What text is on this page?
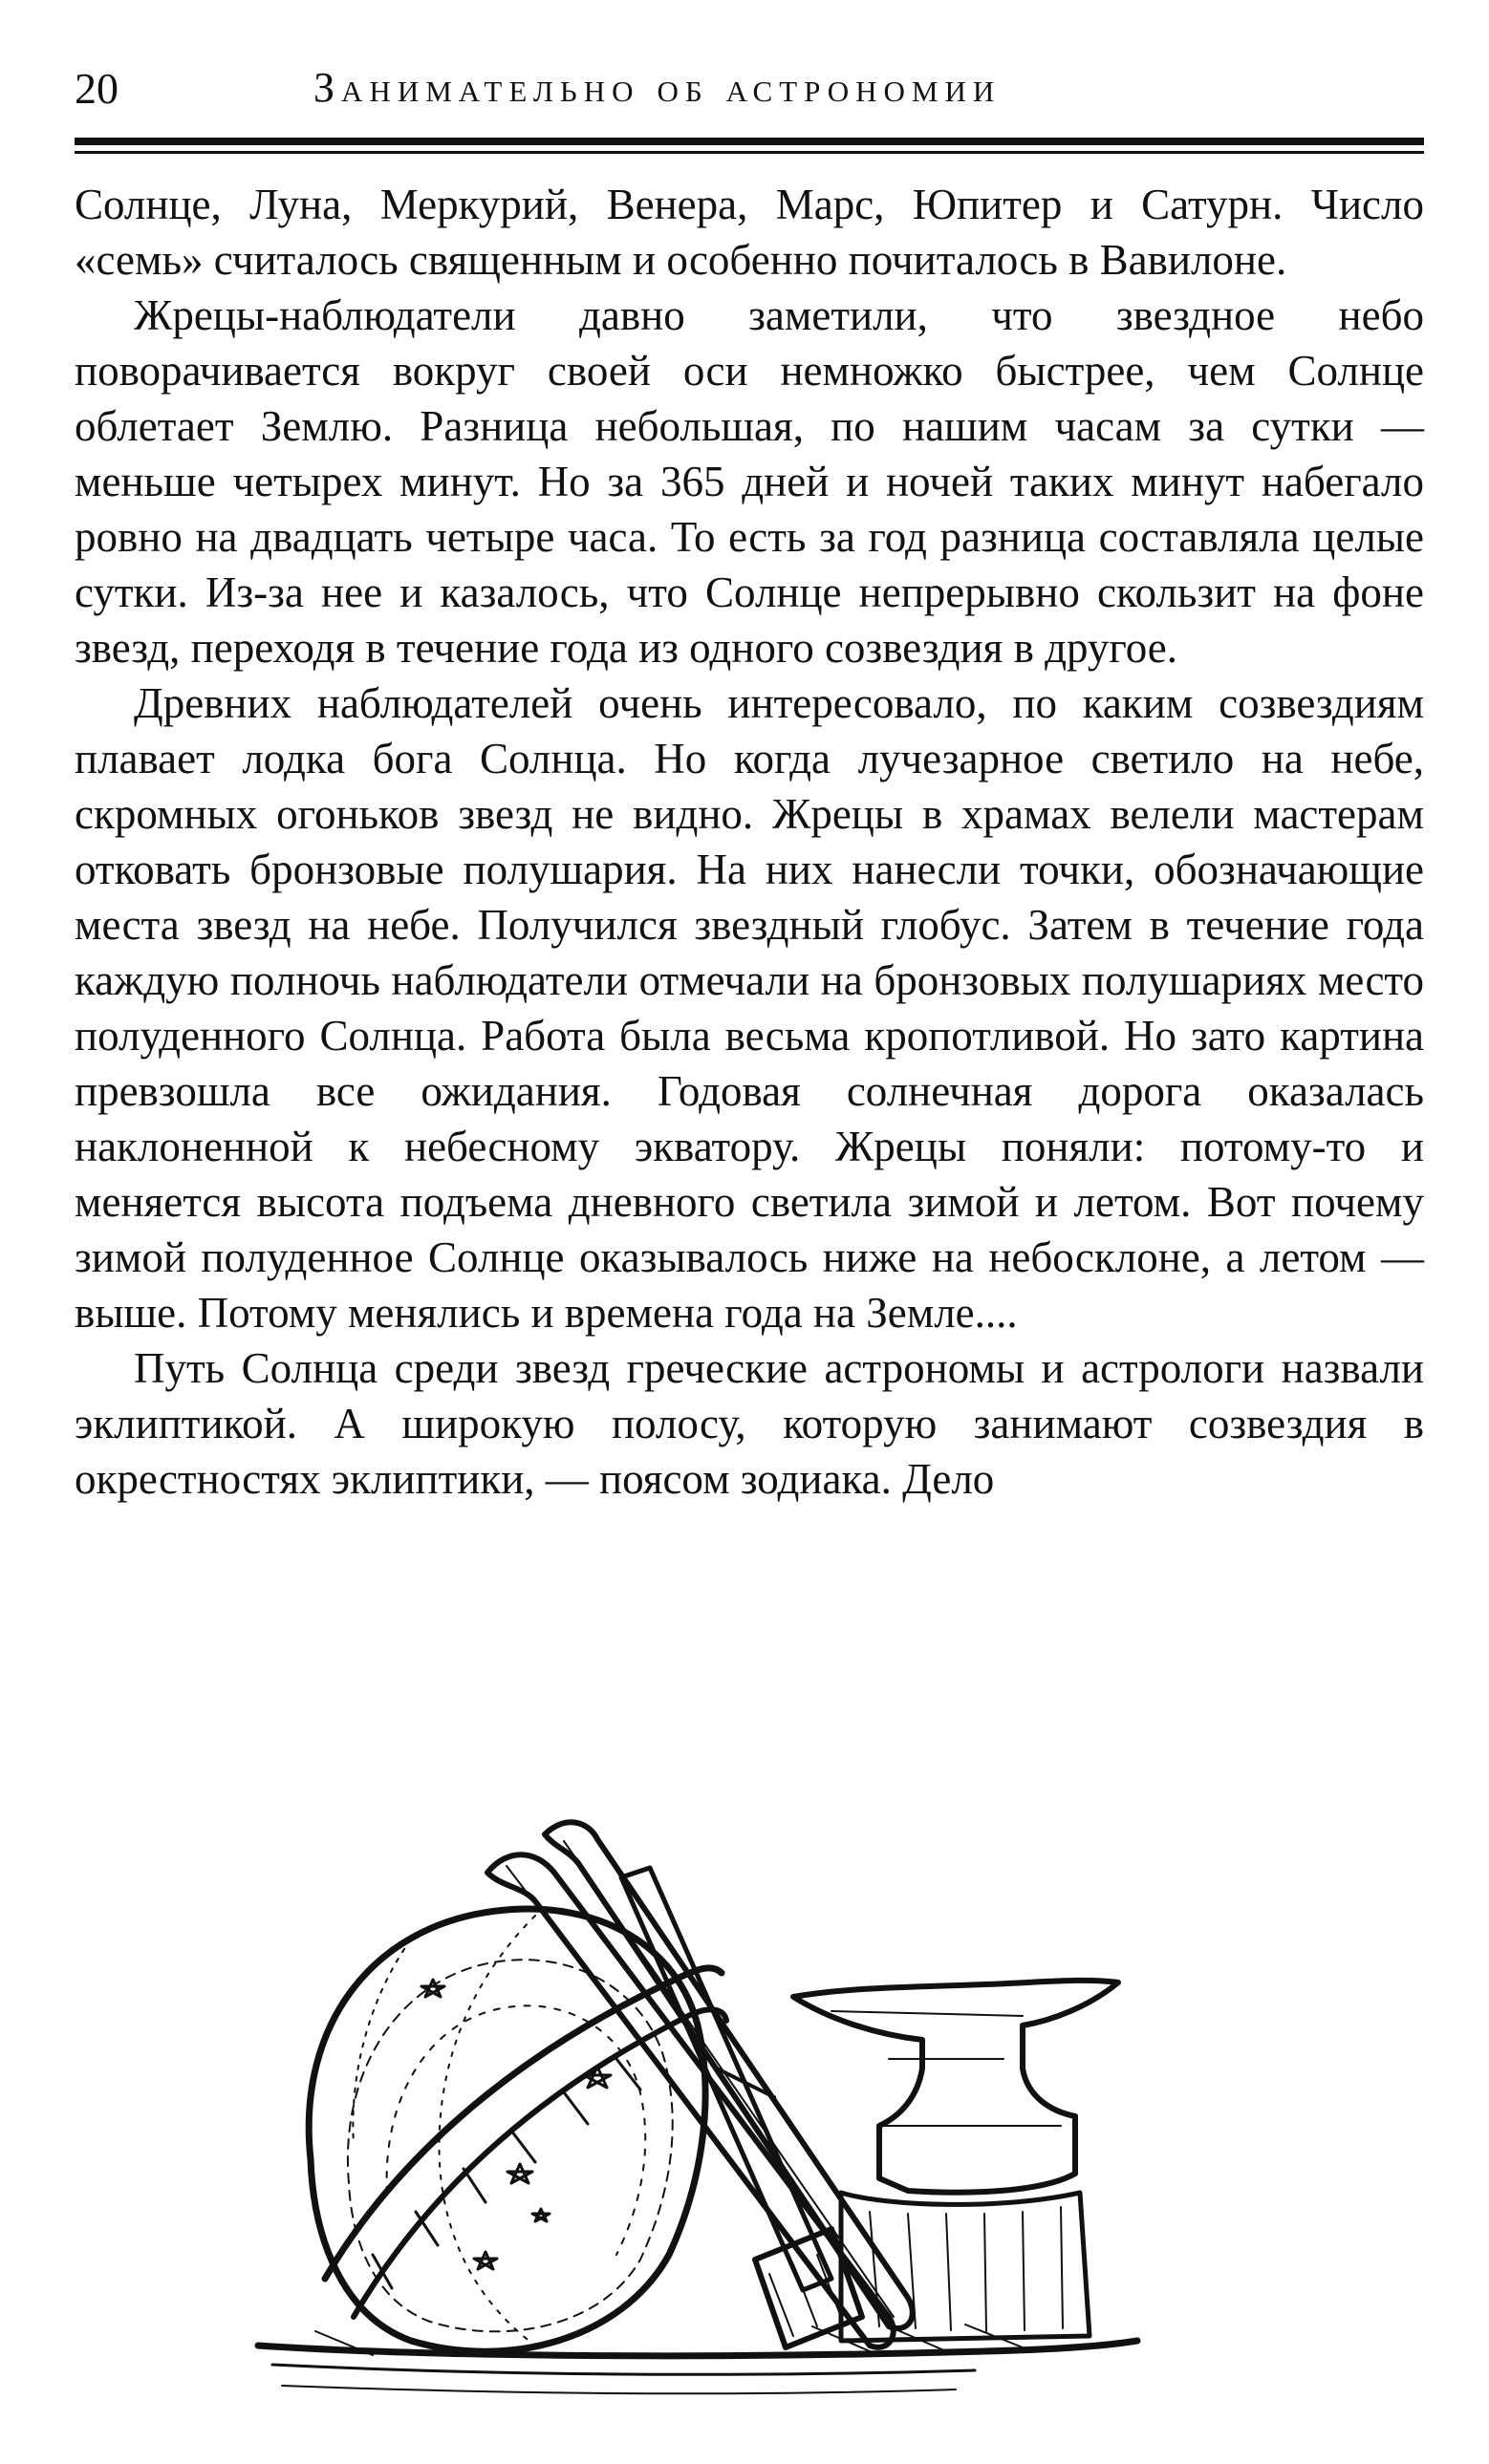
20	Занимательно об астрономии

Солнце, Луна, Меркурий, Венера, Марс, Юпитер и Сатурн. Число «семь» считалось священным и особенно почиталось в Вавилоне.

Жрецы-наблюдатели давно заметили, что звездное небо поворачивается вокруг своей оси немножко быстрее, чем Солнце облетает Землю. Разница небольшая, по нашим часам за сутки — меньше четырех минут. Но за 365 дней и ночей таких минут набегало ровно на двадцать четыре часа. То есть за год разница составляла целые сутки. Из-за нее и казалось, что Солнце непрерывно скользит на фоне звезд, переходя в течение года из одного созвездия в другое.

Древних наблюдателей очень интересовало, по каким созвездиям плавает лодка бога Солнца. Но когда лучезарное светило на небе, скромных огоньков звезд не видно. Жрецы в храмах велели мастерам отковать бронзовые полушария. На них нанесли точки, обозначающие места звезд на небе. Получился звездный глобус. Затем в течение года каждую полночь наблюдатели отмечали на бронзовых полушариях место полуденного Солнца. Работа была весьма кропотливой. Но зато картина превзошла все ожидания. Годовая солнечная дорога оказалась наклоненной к небесному экватору. Жрецы поняли: потому-то и меняется высота подъема дневного светила зимой и летом. Вот почему зимой полуденное Солнце оказывалось ниже на небосклоне, а летом — выше. Потому менялись и времена года на Земле....

Путь Солнца среди звезд греческие астрономы и астрологи назвали эклиптикой. А широкую полосу, которую занимают созвездия в окрестностях эклиптики, — поясом зодиака. Дело
